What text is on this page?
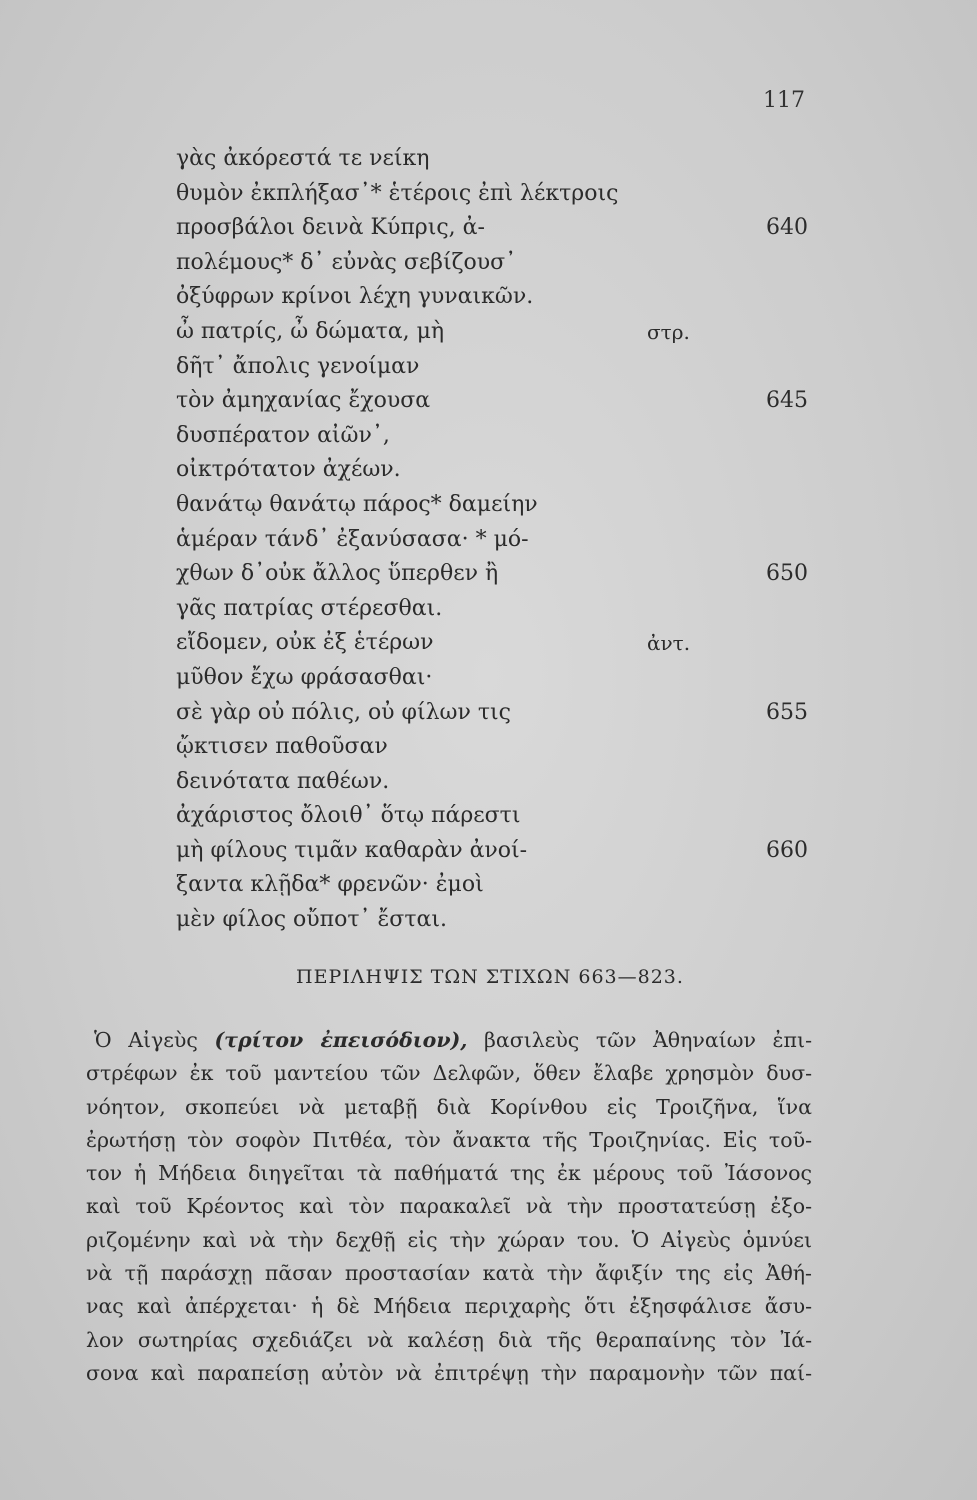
117
γὰς ἀκόρεστά τε νείκη
θυμὸν ἐκπλήξασ᾽* ἑτέροις ἐπὶ λέκτροις
προσβάλοι δεινὰ Κύπρις, ἀ-	640
πολέμους* δ᾽ εὐνὰς σεβίζουσ᾽
ὀξύφρων κρίνοι λέχη γυναικῶν.
ὦ πατρίς, ὦ δώματα, μὴ	στρ.
δῆτ᾽ ἄπολις γενοίμαν
τὸν ἀμηχανίας ἔχουσα	645
δυσπέρατον αἰῶν᾽,
οἰκτρότατον ἀχέων.
θανάτῳ θανάτῳ πάρος* δαμείην
ἁμέραν τάνδ᾽ ἐξανύσασα· * μό-
χθων δ᾽οὐκ ἄλλος ὕπερθεν ἢ	650
γᾶς πατρίας στέρεσθαι.
εἴδομεν, οὐκ ἐξ ἑτέρων	ἀντ.
μῦθον ἔχω φράσασθαι·
σὲ γὰρ οὐ πόλις, οὐ φίλων τις	655
ᾤκτισεν παθοῦσαν
δεινότατα παθέων.
ἀχάριστος ὄλοιθ᾽ ὅτῳ πάρεστι
μὴ φίλους τιμᾶν καθαρὰν ἀνοί-	660
ξαντα κλῇδα* φρενῶν· ἐμοὶ
μὲν φίλος οὔποτ᾽ ἔσται.
ΠΕΡΙΛΗΨΙΣ ΤΩΝ ΣΤΙΧΩΝ 663—823.
Ὁ Αἰγεὺς (τρίτον ἐπεισόδιον), βασιλεὺς τῶν Ἀθηναίων ἐπι-
στρέφων ἐκ τοῦ μαντείου τῶν Δελφῶν, ὅθεν ἔλαβε χρησμὸν δυσ-
νόητον, σκοπεύει νὰ μεταβῇ διὰ Κορίνθου εἰς Τροιζῆνα, ἵνα
ἐρωτήσῃ τὸν σοφὸν Πιτθέα, τὸν ἄνακτα τῆς Τροιζηνίας. Εἰς τοῦ-
τον ἡ Μήδεια διηγεῖται τὰ παθήματά της ἐκ μέρους τοῦ Ἰάσονος
καὶ τοῦ Κρέοντος καὶ τὸν παρακαλεῖ νὰ τὴν προστατεύσῃ ἐξο-
ριζομένην καὶ νὰ τὴν δεχθῇ εἰς τὴν χώραν του. Ὁ Αἰγεὺς ὁμνύει
νὰ τῇ παράσχῃ πᾶσαν προστασίαν κατὰ τὴν ἄφιξίν της εἰς Ἀθή-
νας καὶ ἀπέρχεται· ἡ δὲ Μήδεια περιχαρὴς ὅτι ἐξησφάλισε ἄσυ-
λον σωτηρίας σχεδιάζει νὰ καλέσῃ διὰ τῆς θεραπαίνης τὸν Ἰά-
σονα καὶ παραπείσῃ αὐτὸν νὰ ἐπιτρέψῃ τὴν παραμονὴν τῶν παί-
